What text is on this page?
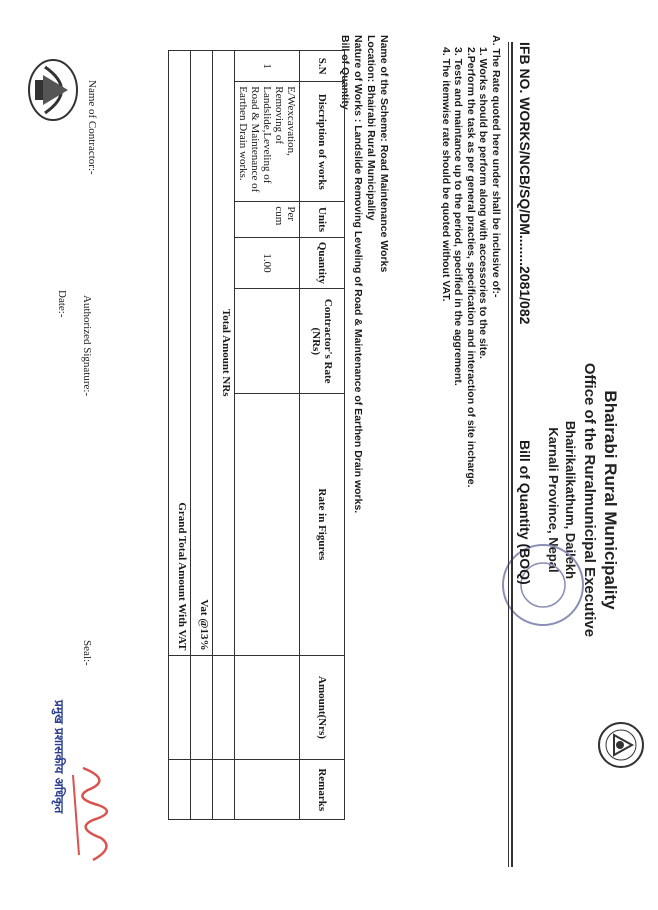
Bhairabi Rural Municipality
Office of the Ruralmunicipal Executive
Bhairikalikathum, Dailekh
Karnali Province, Nepal
IFB NO. WORKS/NCB/SQ/DM........2081/082
Bill of Quantity (BOQ)
A. The Rate quoted here under shall be inclusive of:-
1. Works should be perform along with accessories to the site.
2.Perform the task as per general practies, specification and interaction of site incharge.
3. Tests and maintance up to the period, specified in the aggrement.
4. The itemwise rate should be quoted without VAT.
Name of the Scheme: Road Maintenance Works
Location: Bhairabi Rural Municipality
Nature of Works : Landslide Removing Leveling of Road & Maintenance of Earthen Drain works.
Bill of Quantity
S.N	Discription of works	Units	Quantity	Contractor's Rate (NRs)	Rate in Figures	Amount(Nrs)	Remarks
1	E/Wexcavation, Removing of Landslide,Leveling of Road & Maintenance of Earthen Drain works.	Per cum	1.00				
Total Amount NRs							
Vat @13%							
Grand Total Amount With VAT							
Name of Contractor:-
Authorized Signature:-
Date:-
Seal:-
प्रमुख प्रशासकीय अधिकृत
